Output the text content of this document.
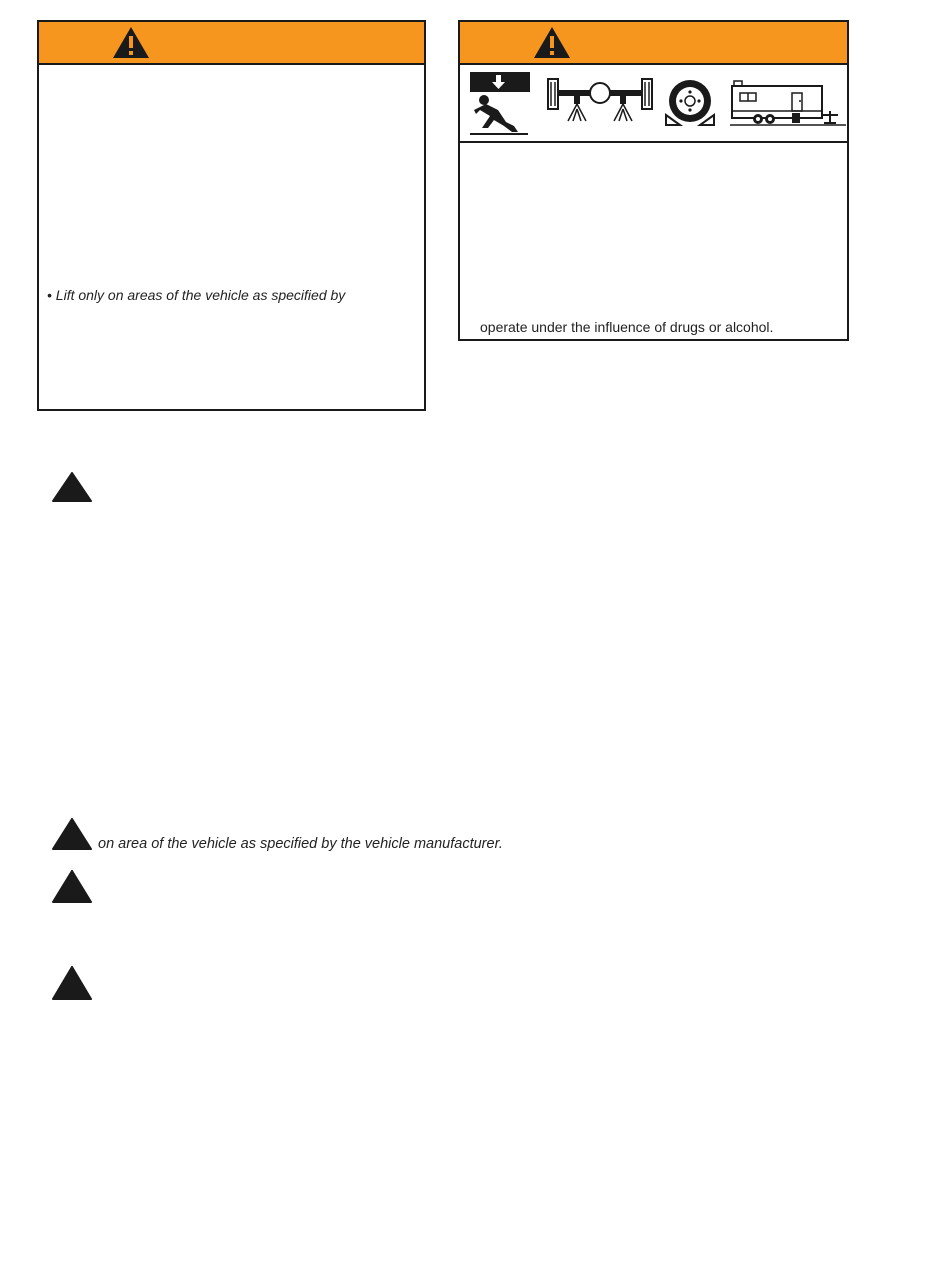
• Lift only on areas of the vehicle as specified by
operate under the influence of drugs or alcohol.
on area of the vehicle as specified by the vehicle manufacturer.
